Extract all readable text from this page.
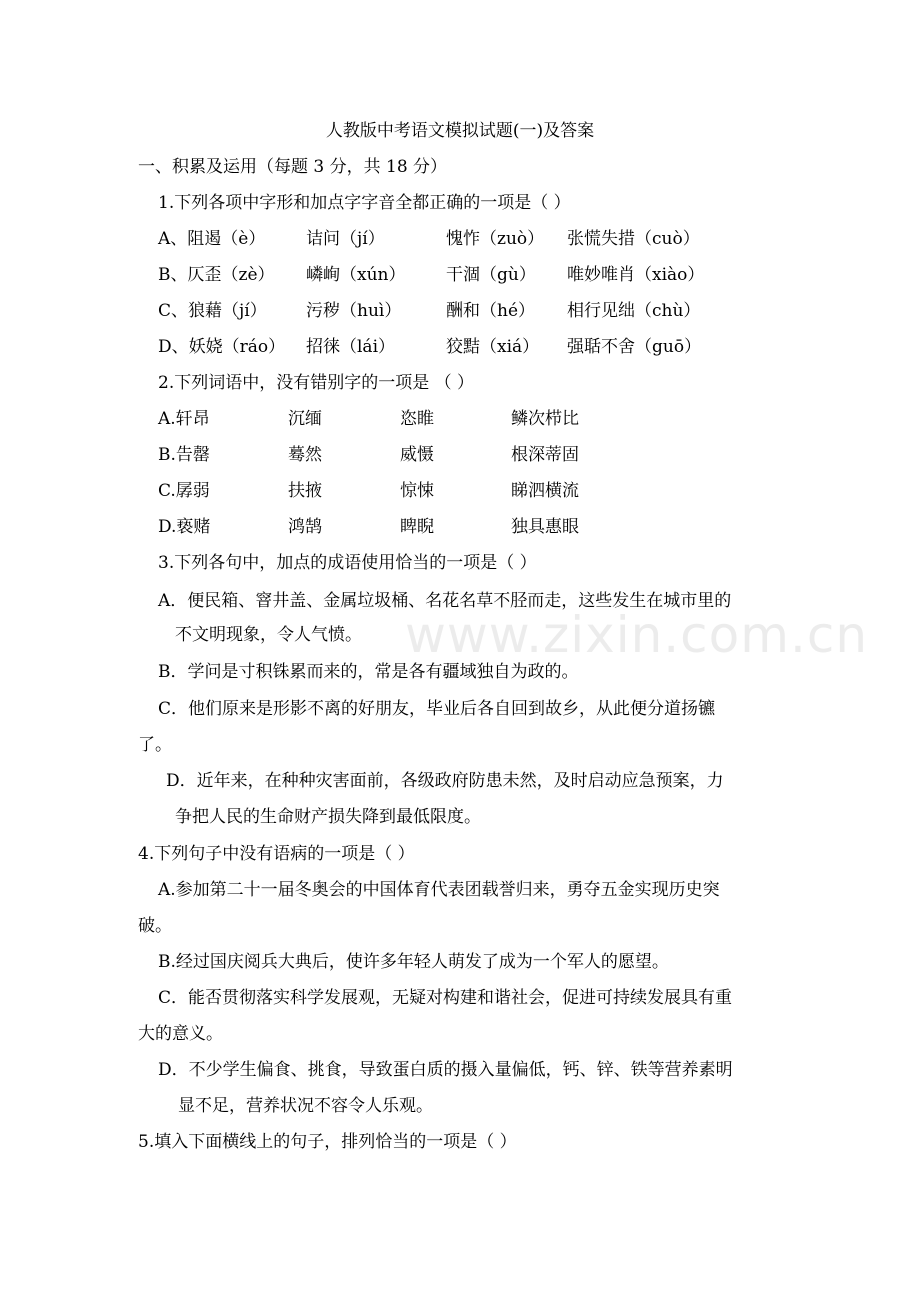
www.zixin.com.cn
人教版中考语文模拟试题(一)及答案
一、积累及运用（每题 3 分，共 18 分）
1.下列各项中字形和加点字字音全都正确的一项是（ ）
A、阻遏（è） 诘问（jí）	愧怍（zuò） 张慌失措（cuò）
B、仄歪（zè） 嶙峋（xún） 干涸（gù） 唯妙唯肖（xiào）
C、狼藉（jí） 污秽（huì）	酬和（hé） 相行见绌（chù）
D、妖娆（ráo） 招徕（lái）	狡黠（xiá） 强聒不舍（guō）
2.下列词语中，没有错别字的一项是 （ ）
A.轩昂	沉缅	恣睢	鳞次栉比
B.告罄	蓦然	威慑	根深蒂固
C.孱弱	扶掖	惊悚	睇泗横流
D.亵赌	鸿鹄	睥睨	独具惠眼
3.下列各句中，加点的成语使用恰当的一项是（ ）
A．便民箱、窨井盖、金属垃圾桶、名花名草不胫而走，这些发生在城市里的
不文明现象，令人气愤。
B．学问是寸积铢累而来的，常是各有疆域独自为政的。
C．他们原来是形影不离的好朋友，毕业后各自回到故乡，从此便分道扬镳
了。
D．近年来，在种种灾害面前，各级政府防患未然，及时启动应急预案，力
争把人民的生命财产损失降到最低限度。
4.下列句子中没有语病的一项是（ ）
A.参加第二十一届冬奥会的中国体育代表团载誉归来，勇夺五金实现历史突
破。
B.经过国庆阅兵大典后，使许多年轻人萌发了成为一个军人的愿望。
C．能否贯彻落实科学发展观，无疑对构建和谐社会，促进可持续发展具有重
大的意义。
D．不少学生偏食、挑食，导致蛋白质的摄入量偏低，钙、锌、铁等营养素明
显不足，营养状况不容令人乐观。
5.填入下面横线上的句子，排列恰当的一项是（ ）
